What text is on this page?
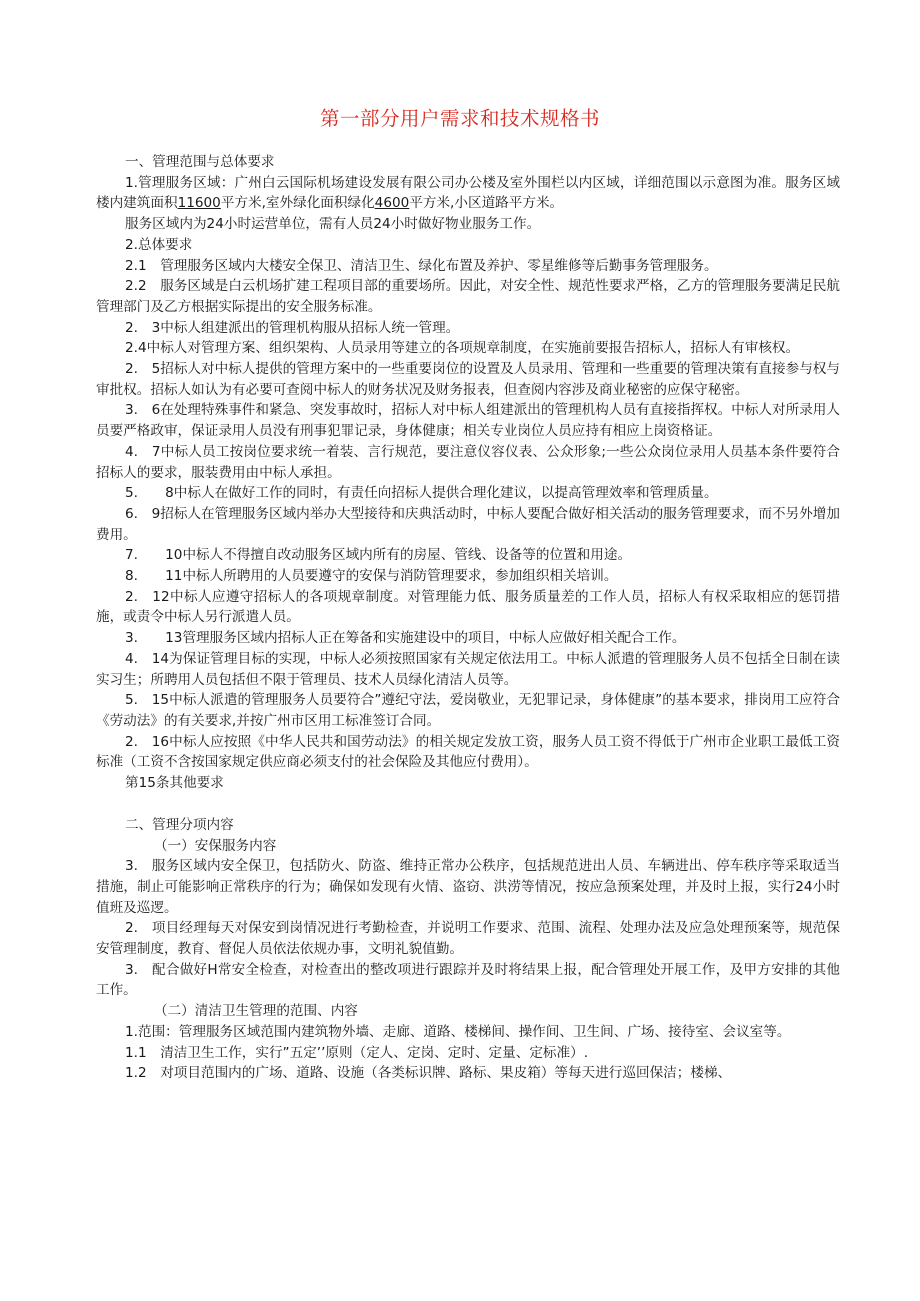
第一部分用户需求和技术规格书

一、管理范围与总体要求

1.管理服务区域：广州白云国际机场建设发展有限公司办公楼及室外围栏以内区域，详细范围以示意图为准。服务区域楼内建筑面积11600平方米,室外绿化面积绿化4600平方米,小区道路平方米。

服务区域内为24小时运营单位，需有人员24小时做好物业服务工作。

2.总体要求

2.1　管理服务区域内大楼安全保卫、清洁卫生、绿化布置及养护、零星维修等后勤事务管理服务。

2.2　服务区域是白云机场扩建工程项目部的重要场所。因此，对安全性、规范性要求严格，乙方的管理服务要满足民航管理部门及乙方根据实际提出的安全服务标准。

2.　3中标人组建派出的管理机构服从招标人统一管理。

2.4中标人对管理方案、组织架构、人员录用等建立的各项规章制度，在实施前要报告招标人，招标人有审核权。

2.　5招标人对中标人提供的管理方案中的一些重要岗位的设置及人员录用、管理和一些重要的管理决策有直接参与权与审批权。招标人如认为有必要可查阅中标人的财务状况及财务报表，但查阅内容涉及商业秘密的应保守秘密。

3.　6在处理特殊事件和紧急、突发事故时，招标人对中标人组建派出的管理机构人员有直接指挥权。中标人对所录用人员要严格政审，保证录用人员没有刑事犯罪记录，身体健康；相关专业岗位人员应持有相应上岗资格证。

4.　7中标人员工按岗位要求统一着装、言行规范，要注意仪容仪表、公众形象;一些公众岗位录用人员基本条件要符合招标人的要求，服装费用由中标人承担。

5.　　8中标人在做好工作的同时，有责任向招标人提供合理化建议，以提高管理效率和管理质量。

6.　9招标人在管理服务区域内举办大型接待和庆典活动时，中标人要配合做好相关活动的服务管理要求，而不另外增加费用。

7.　　10中标人不得擅自改动服务区域内所有的房屋、管线、设备等的位置和用途。

8.　　11中标人所聘用的人员要遵守的安保与消防管理要求，参加组织相关培训。

2.　12中标人应遵守招标人的各项规章制度。对管理能力低、服务质量差的工作人员，招标人有权采取相应的惩罚措施，或责令中标人另行派遣人员。

3.　　13管理服务区域内招标人正在筹备和实施建设中的项目，中标人应做好相关配合工作。

4.　14为保证管理目标的实现，中标人必须按照国家有关规定依法用工。中标人派遣的管理服务人员不包括全日制在读实习生；所聘用人员包括但不限于管理员、技术人员绿化清洁人员等。

5.　15中标人派遣的管理服务人员要符合”遵纪守法，爱岗敬业，无犯罪记录，身体健康”的基本要求，排岗用工应符合《劳动法》的有关要求,并按广州市区用工标准签订合同。

2.　16中标人应按照《中华人民共和国劳动法》的相关规定发放工资，服务人员工资不得低于广州市企业职工最低工资标准（工资不含按国家规定供应商必须支付的社会保险及其他应付费用）。

第15条其他要求

二、管理分项内容

（一）安保服务内容

3.　服务区域内安全保卫，包括防火、防盗、维持正常办公秩序，包括规范进出人员、车辆进出、停车秩序等采取适当措施，制止可能影响正常秩序的行为；确保如发现有火情、盗窃、洪涝等情况，按应急预案处理，并及时上报，实行24小时值班及巡逻。

2.　项目经理每天对保安到岗情况进行考勤检查，并说明工作要求、范围、流程、处理办法及应急处理预案等，规范保安管理制度，教育、督促人员依法依规办事，文明礼貌值勤。

3.　配合做好H常安全检查，对检查出的整改项进行跟踪并及时将结果上报，配合管理处开展工作，及甲方安排的其他工作。

（二）清洁卫生管理的范围、内容

1.范围：管理服务区域范围内建筑物外墙、走廊、道路、楼梯间、操作间、卫生间、广场、接待室、会议室等。

1.1　清洁卫生工作，实行”五定’’原则（定人、定岗、定时、定量、定标准）.

1.2　对项目范围内的广场、道路、设施（各类标识牌、路标、果皮箱）等每天进行巡回保洁；楼梯、
